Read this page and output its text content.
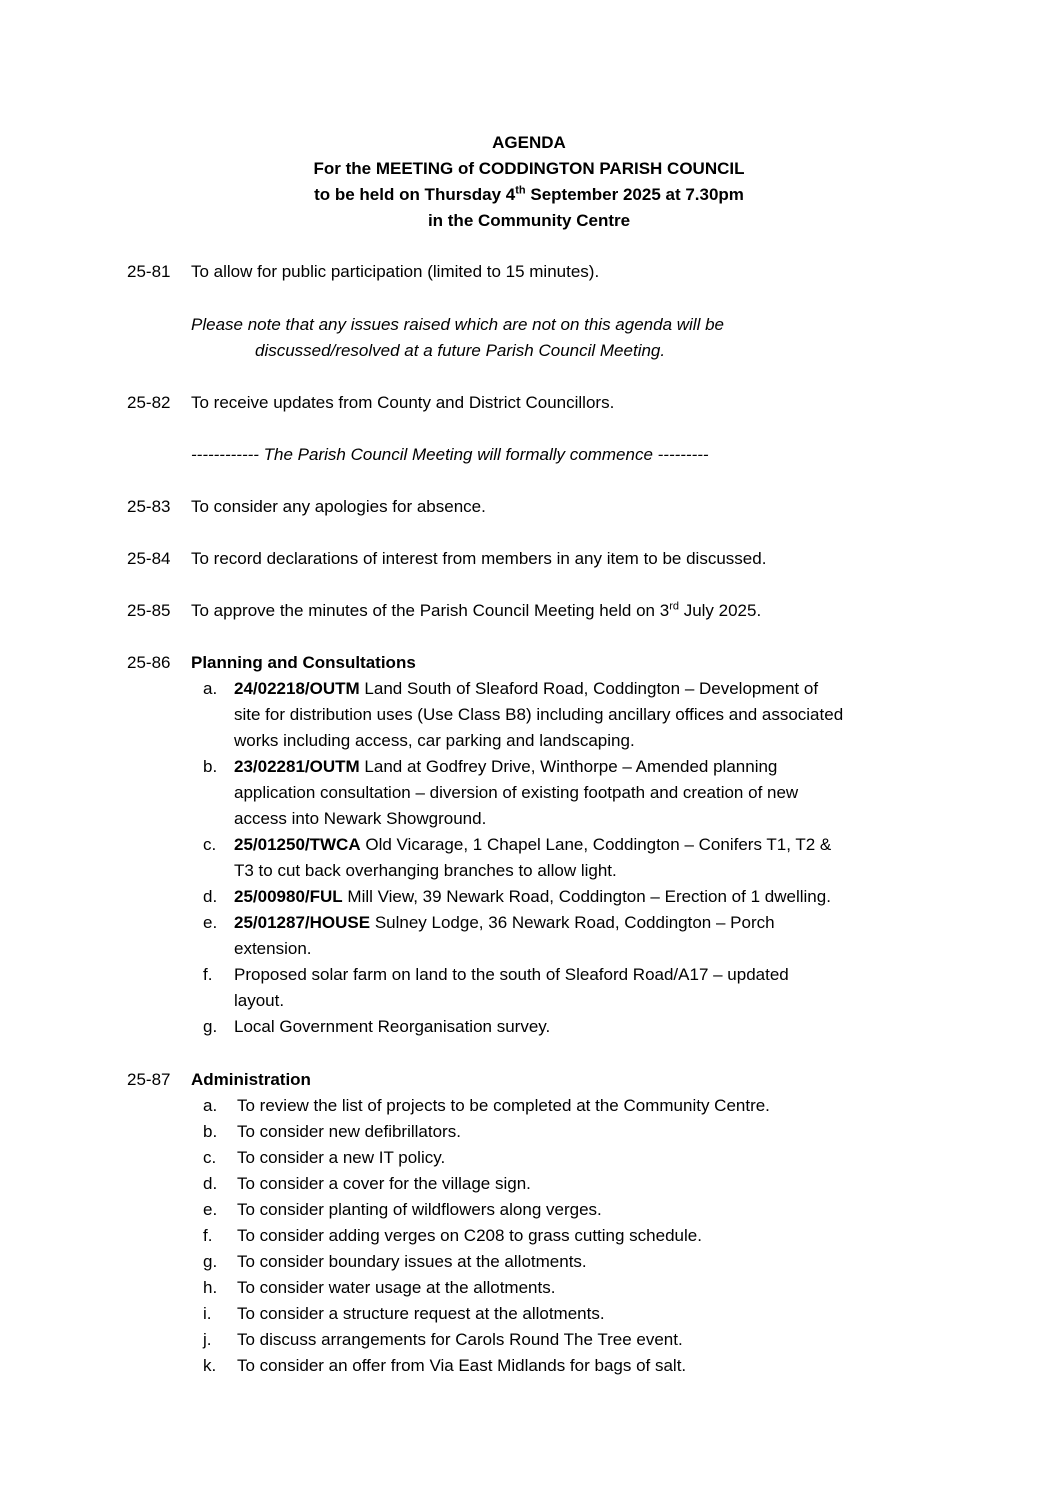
AGENDA
For the MEETING of CODDINGTON PARISH COUNCIL
to be held on Thursday 4th September 2025 at 7.30pm
in the Community Centre
25-81	To allow for public participation (limited to 15 minutes).
Please note that any issues raised which are not on this agenda will be
discussed/resolved at a future Parish Council Meeting.
25-82	To receive updates from County and District Councillors.
------------ The Parish Council Meeting will formally commence ---------
25-83	To consider any apologies for absence.
25-84	To record declarations of interest from members in any item to be discussed.
25-85	To approve the minutes of the Parish Council Meeting held on 3rd July 2025.
25-86	Planning and Consultations
a. 24/02218/OUTM Land South of Sleaford Road, Coddington – Development of
site for distribution uses (Use Class B8) including ancillary offices and associated
works including access, car parking and landscaping.
b. 23/02281/OUTM Land at Godfrey Drive, Winthorpe – Amended planning
application consultation – diversion of existing footpath and creation of new
access into Newark Showground.
c.	25/01250/TWCA Old Vicarage, 1 Chapel Lane, Coddington – Conifers T1, T2 &
T3 to cut back overhanging branches to allow light.
d. 25/00980/FUL Mill View, 39 Newark Road, Coddington – Erection of 1 dwelling.
e. 25/01287/HOUSE Sulney Lodge, 36 Newark Road, Coddington – Porch
extension.
f.	Proposed solar farm on land to the south of Sleaford Road/A17 – updated
layout.
g. Local Government Reorganisation survey.
25-87	Administration
a.	To review the list of projects to be completed at the Community Centre.
b.	To consider new defibrillators.
c.	To consider a new IT policy.
d.	To consider a cover for the village sign.
e.	To consider planting of wildflowers along verges.
f.	To consider adding verges on C208 to grass cutting schedule.
g.	To consider boundary issues at the allotments.
h.	To consider water usage at the allotments.
i.	To consider a structure request at the allotments.
j.	To discuss arrangements for Carols Round The Tree event.
k.	To consider an offer from Via East Midlands for bags of salt.
